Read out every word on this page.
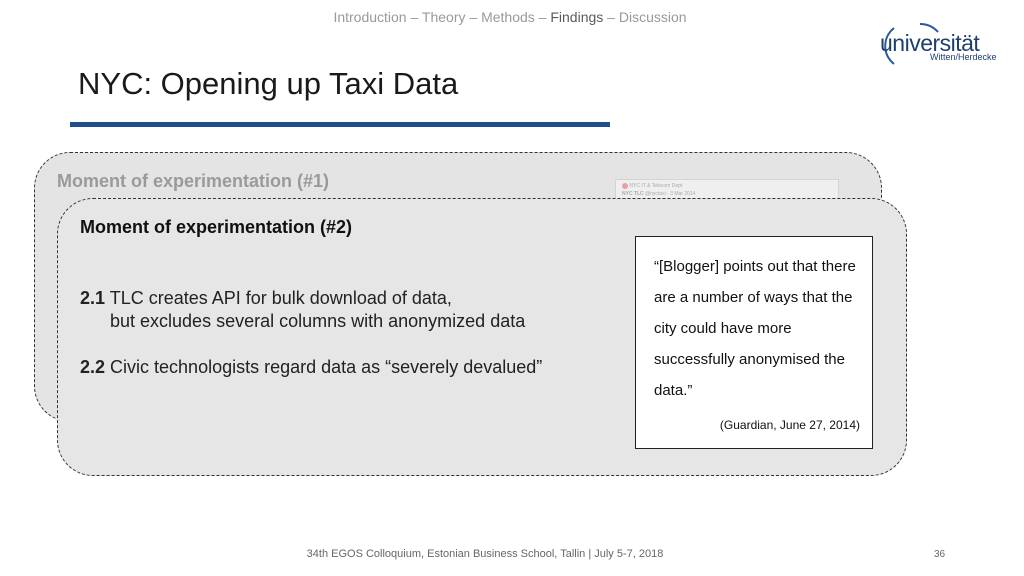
Introduction – Theory – Methods – Findings – Discussion
universität
Witten/Herdecke
NYC: Opening up Taxi Data
Moment of experimentation (#1)	NYC IT & Telecom Dept
NYC TLC @nyctaxi · 3 Mar 2014
Moment of experimentation (#2)
2.1 TLC creates API for bulk download of data,
but excludes several columns with anonymized data
2.2 Civic technologists regard data as “severely devalued”
“[Blogger] points out that there are a number of ways that the city could have more successfully anonymised the data.”
(Guardian, June 27, 2014)
34th EGOS Colloquium, Estonian Business School, Tallin | July 5-7, 2018	36
